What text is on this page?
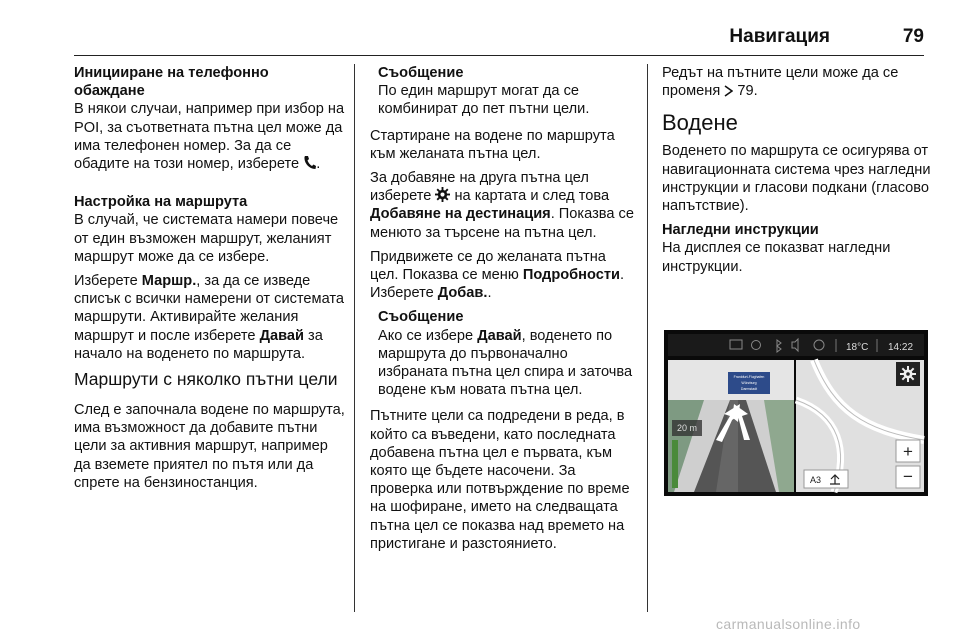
Навигация	79
Иницииране на телефонно
обаждане

В някои случаи, например при избор на POI, за съответната пътна цел може да има телефонен номер. За да се обадите на този номер, изберете .

Настройка на маршрута

В случай, че системата намери повече от един възможен маршрут, желаният маршрут може да се избере.

Изберете Маршр., за да се изведе списък с всички намерени от системата маршрути. Активирайте желания маршрут и после изберете Давай за начало на воденето по маршрута.

Маршрути с няколко пътни цели

След е започнала водене по маршрута, има възможност да добавите пътни цели за активния маршрут, например да вземете приятел по пътя или да спрете на бензиностанция.

Съобщение
По един маршрут могат да се комбинират до пет пътни цели.

Стартиране на водене по маршрута към желаната пътна цел.

За добавяне на друга пътна цел изберете  на картата и след това Добавяне на дестинация. Показва се менюто за търсене на пътна цел.

Придвижете се до желаната пътна цел. Показва се меню Подробности. Изберете Добав..

Съобщение
Ако се избере Давай, воденето по маршрута до първоначално избраната пътна цел спира и заточва водене към новата пътна цел.

Пътните цели са подредени в реда, в който са въведени, като последната добавена пътна цел е първата, към която ще бъдете насочени. За проверка или потвърждение по време на шофиране, името на следващата пътна цел се показва над времето на пристигане и разстоянието.

Редът на пътните цели може да се променя  79.

Водене

Воденето по маршрута се осигурява от навигационната система чрез нагледни инструкции и гласови подкани (гласово напътствие).

Нагледни инструкции

На дисплея се показват нагледни инструкции.

18°C 14:22
Frankfurt-Flughafen
Würzburg
Darmstadt
20 m
+
−
A3
carmanualsonline.info
